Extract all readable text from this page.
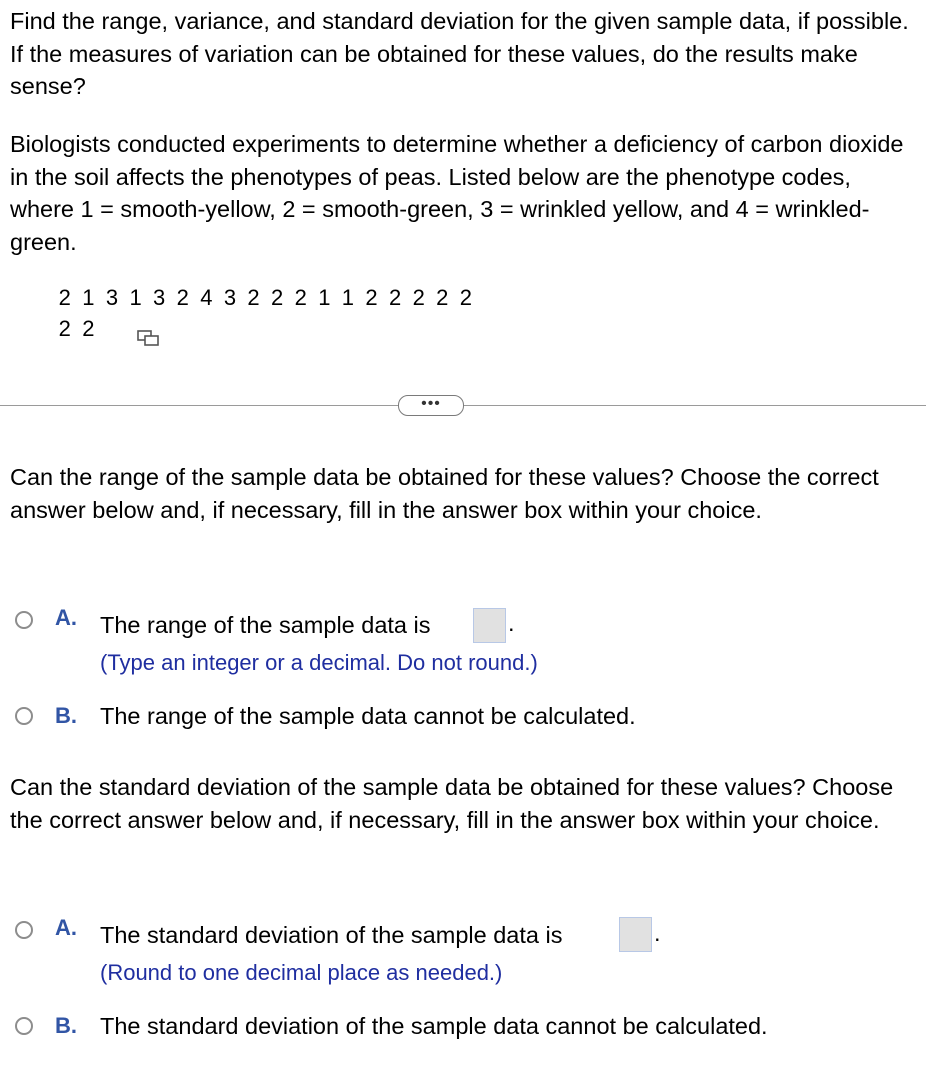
Find the range, variance, and standard deviation for the given sample data, if possible. If the measures of variation can be obtained for these values, do the results make sense?

Biologists conducted experiments to determine whether a deficiency of carbon dioxide in the soil affects the phenotypes of peas. Listed below are the phenotype codes, where 1 = smooth-yellow, 2 = smooth-green, 3 = wrinkled yellow, and 4 = wrinkled-green.

2 1 3 1 3 2 4 3 2 2 2 1 1 2 2 2 2 2
2 2
•••

Can the range of the sample data be obtained for these values? Choose the correct answer below and, if necessary, fill in the answer box within your choice.

A. The range of the sample data is	.
(Type an integer or a decimal. Do not round.)
B. The range of the sample data cannot be calculated.

Can the standard deviation of the sample data be obtained for these values? Choose the correct answer below and, if necessary, fill in the answer box within your choice.

A. The standard deviation of the sample data is	.
(Round to one decimal place as needed.)
B. The standard deviation of the sample data cannot be calculated.
